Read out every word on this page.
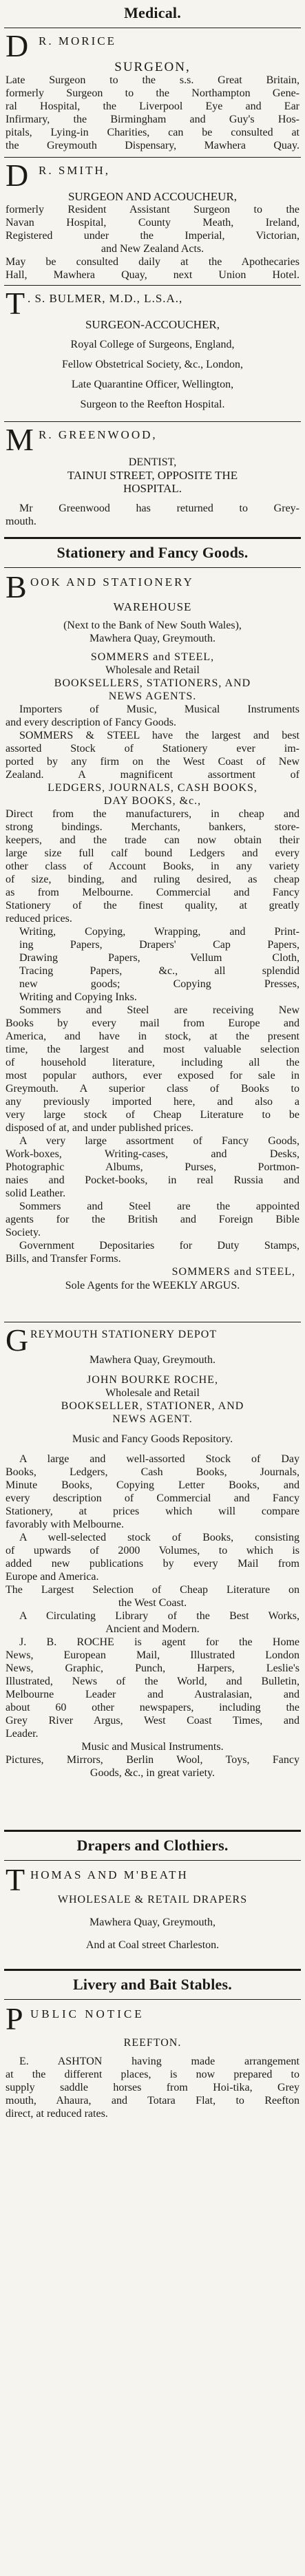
Medical.
D R. MORICE
SURGEON,
Late Surgeon to the s.s. Great Britain,
formerly Surgeon to the Northampton Gene-
ral Hospital, the Liverpool Eye and Ear
Infirmary, the Birmingham and Guy's Hos-
pitals, Lying-in Charities, can be consulted at
the Greymouth Dispensary, Mawhera Quay.
D R. SMITH,
SURGEON AND ACCOUCHEUR,
formerly Resident Assistant Surgeon to the
Navan Hospital, County Meath, Ireland,
Registered under the Imperial, Victorian,
and New Zealand Acts.
May be consulted daily at the Apothecaries
Hall, Mawhera Quay, next Union Hotel.
T . S. BULMER, M.D., L.S.A.,
SURGEON-ACCOUCHER,
Royal College of Surgeons, England,
Fellow Obstetrical Society, &c., London,
Late Quarantine Officer, Wellington,
Surgeon to the Reefton Hospital.
M R. GREENWOOD,
DENTIST,
TAINUI STREET, OPPOSITE THE
HOSPITAL.
Mr Greenwood has returned to Grey-
mouth.
Stationery and Fancy Goods.
B OOK AND STATIONERY
WAREHOUSE
(Next to the Bank of New South Wales),
Mawhera Quay, Greymouth.
SOMMERS and STEEL,
Wholesale and Retail
BOOKSELLERS, STATIONERS, AND
NEWS AGENTS.
Importers of Music, Musical Instruments
and every description of Fancy Goods.
SOMMERS & STEEL have the largest and best
assorted Stock of Stationery ever im-
ported by any firm on the West Coast of New
Zealand. A magnificent assortment of
LEDGERS, JOURNALS, CASH BOOKS,
DAY BOOKS, &c.,
Direct from the manufacturers, in cheap and
strong bindings. Merchants, bankers, store-
keepers, and the trade can now obtain their
large size full calf bound Ledgers and every
other class of Account Books, in any variety
of size, binding, and ruling desired, as cheap
as from Melbourne. Commercial and Fancy
Stationery of the finest quality, at greatly
reduced prices.
Writing, Copying, Wrapping, and Print-
ing Papers, Drapers' Cap Papers,
Drawing Papers, Vellum Cloth,
Tracing Papers, &c., all splendid
new goods; Copying Presses,
Writing and Copying Inks.
Sommers and Steel are receiving New
Books by every mail from Europe and
America, and have in stock, at the present
time, the largest and most valuable selection
of household literature, including all the
most popular authors, ever exposed for sale in
Greymouth. A superior class of Books to
any previously imported here, and also a
very large stock of Cheap Literature to be
disposed of at, and under published prices.
A very large assortment of Fancy Goods,
Work-boxes, Writing-cases, and Desks,
Photographic Albums, Purses, Portmon-
naies and Pocket-books, in real Russia and
solid Leather.
Sommers and Steel are the appointed
agents for the British and Foreign Bible
Society.
Government Depositaries for Duty Stamps,
Bills, and Transfer Forms.
SOMMERS and STEEL,
Sole Agents for the WEEKLY ARGUS.
G REYMOUTH STATIONERY DEPOT
Mawhera Quay, Greymouth.
JOHN BOURKE ROCHE,
Wholesale and Retail
BOOKSELLER, STATIONER, AND
NEWS AGENT.
Music and Fancy Goods Repository.
A large and well-assorted Stock of Day
Books, Ledgers, Cash Books, Journals,
Minute Books, Copying Letter Books, and
every description of Commercial and Fancy
Stationery, at prices which will compare
favorably with Melbourne.
A well-selected stock of Books, consisting
of upwards of 2000 Volumes, to which is
added new publications by every Mail from
Europe and America.
The Largest Selection of Cheap Literature on
the West Coast.
A Circulating Library of the Best Works,
Ancient and Modern.
J. B. ROCHE is agent for the Home
News, European Mail, Illustrated London
News, Graphic, Punch, Harpers, Leslie's
Illustrated, News of the World, and Bulletin,
Melbourne Leader and Australasian, and
about 60 other newspapers, including the
Grey River Argus, West Coast Times, and
Leader.
Music and Musical Instruments.
Pictures, Mirrors, Berlin Wool, Toys, Fancy
Goods, &c., in great variety.
Drapers and Clothiers.
T HOMAS AND M'BEATH
WHOLESALE & RETAIL DRAPERS
Mawhera Quay, Greymouth,
And at Coal street Charleston.
Livery and Bait Stables.
P UBLIC NOTICE
REEFTON.
E. ASHTON having made arrangement
at the different places, is now prepared to
supply saddle horses from Hoi-tika, Grey
mouth, Ahaura, and Totara Flat, to Reefton
direct, at reduced rates.
